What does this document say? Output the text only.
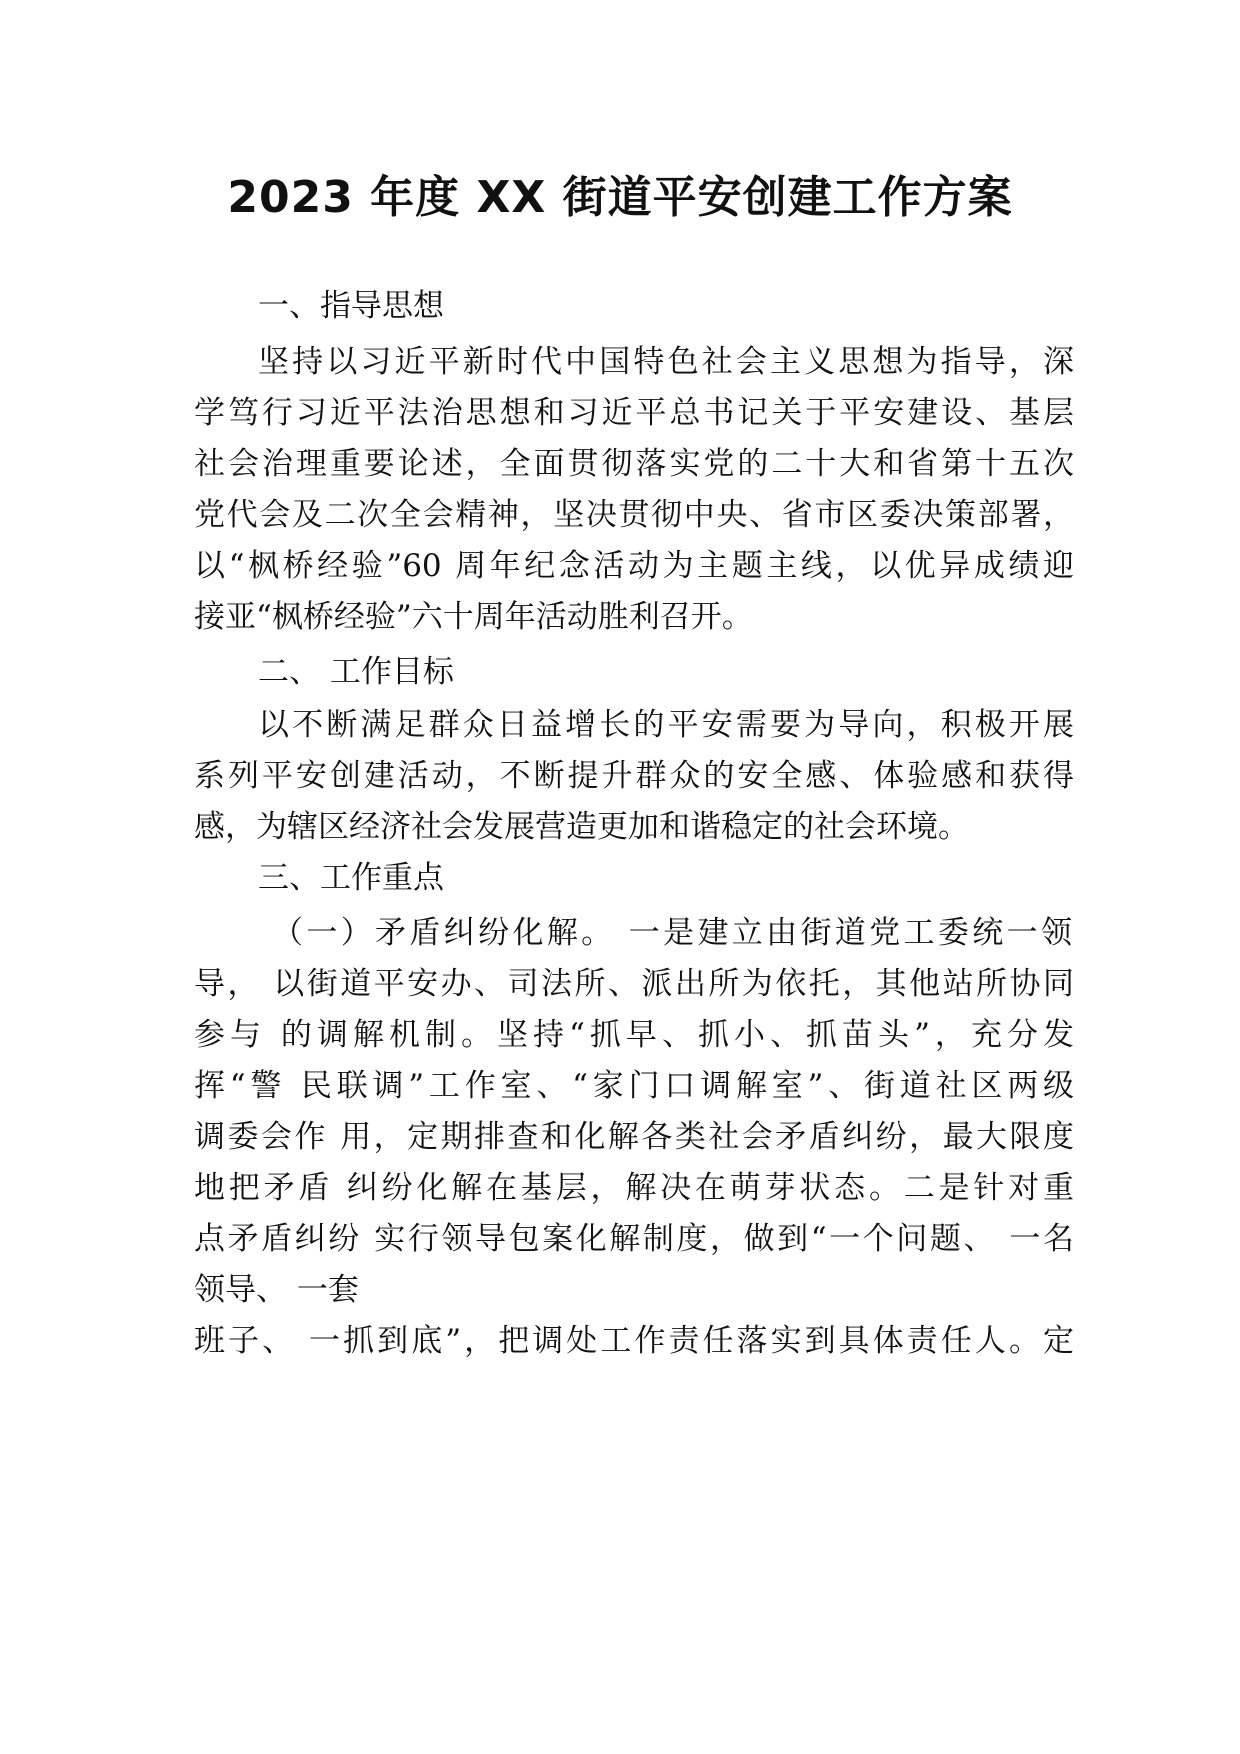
2023 年度 XX 街道平安创建工作方案

一、指导思想

坚持以习近平新时代中国特色社会主义思想为指导，深

学笃行习近平法治思想和习近平总书记关于平安建设、基层

社会治理重要论述，全面贯彻落实党的二十大和省第十五次

党代会及二次全会精神，坚决贯彻中央、省市区委决策部署，

以“枫桥经验”60 周年纪念活动为主题主线，以优异成绩迎

接亚“枫桥经验”六十周年活动胜利召开。

二、 工作目标

以不断满足群众日益增长的平安需要为导向，积极开展

系列平安创建活动，不断提升群众的安全感、体验感和获得

感，为辖区经济社会发展营造更加和谐稳定的社会环境。

三、工作重点

（一）矛盾纠纷化解。 一是建立由街道党工委统一领

导， 以街道平安办、司法所、派出所为依托，其他站所协同

参与 的调解机制。坚持“抓早、抓小、抓苗头”，充分发

挥“警 民联调”工作室、“家门口调解室”、街道社区两级

调委会作 用，定期排查和化解各类社会矛盾纠纷，最大限度

地把矛盾 纠纷化解在基层，解决在萌芽状态。二是针对重

点矛盾纠纷 实行领导包案化解制度，做到“一个问题、 一名

领导、 一套

班子、 一抓到底”，把调处工作责任落实到具体责任人。定
